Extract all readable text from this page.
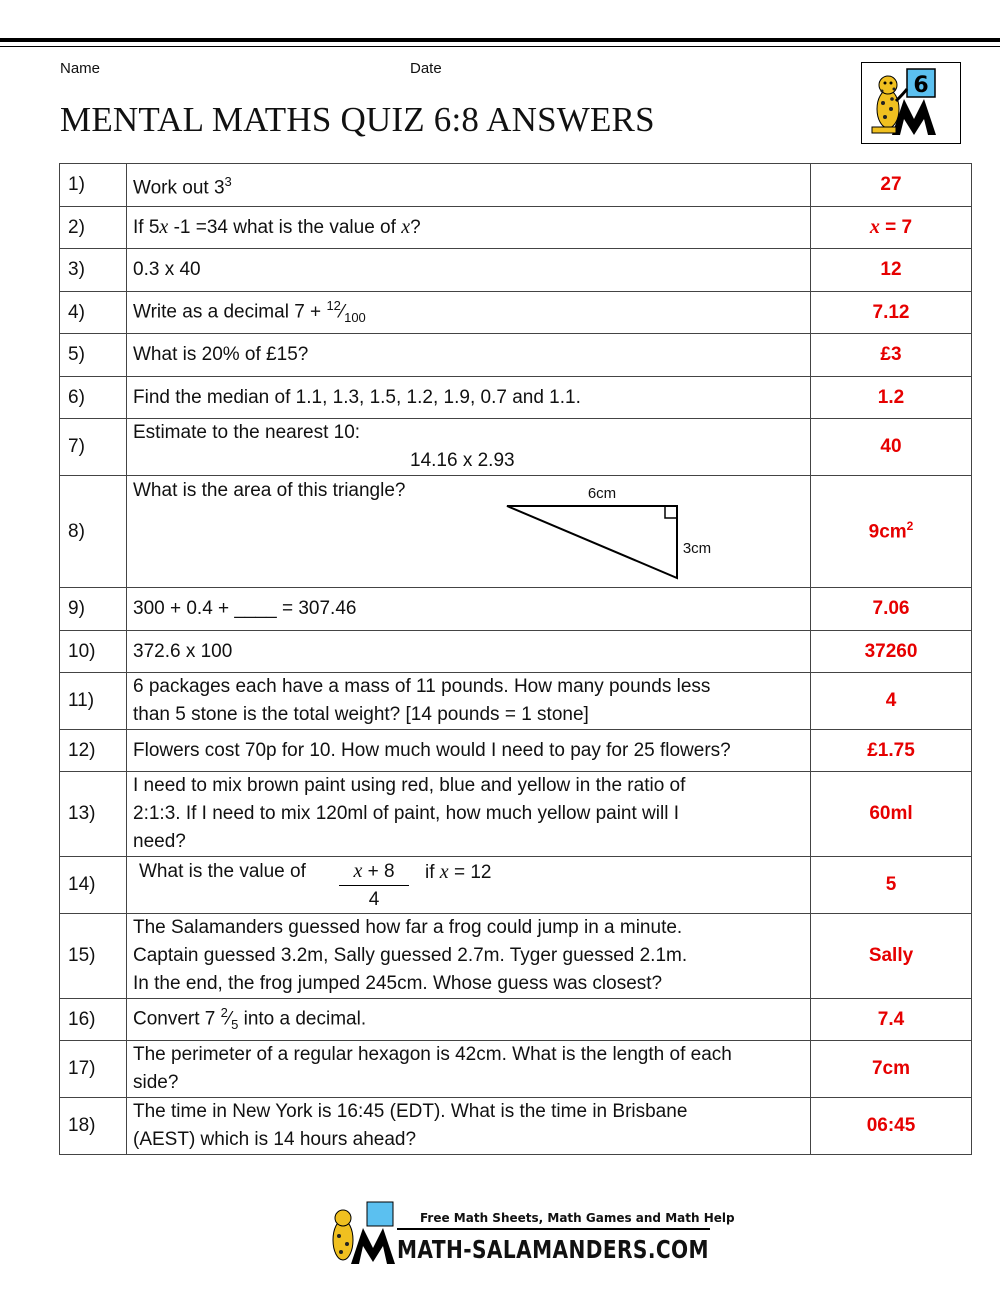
Name	Date
MENTAL MATHS QUIZ 6:8 ANSWERS
6
1)	Work out $3^3$	27
2)	If 5x -1 =34 what is the value of x?	x = 7
3)	0.3 x 40	12
4)	Write as a decimal $7 + ^{12}⁄_{100}$	7.12
5)	What is 20% of £15?	£3
6)	Find the median of 1.1, 1.3, 1.5, 1.2, 1.9, 0.7 and 1.1.	1.2
7)	Estimate to the nearest 10:
14.16 x 2.93	40
8)	What is the area of this triangle? 6cm
3cm	$9cm^2$
9)	300 + 0.4 + ____ = 307.46	7.06
10)	372.6 x 100	37260
11)	6 packages each have a mass of 11 pounds. How many pounds less
than 5 stone is the total weight? [14 pounds = 1 stone]	4
12)	Flowers cost 70p for 10. How much would I need to pay for 25 flowers?	£1.75
13)	I need to mix brown paint using red, blue and yellow in the ratio of
2:1:3. If I need to mix 120ml of paint, how much yellow paint will I
need?	60ml
14)	What is the value of x + 8
4
if x = 12	5
15)	The Salamanders guessed how far a frog could jump in a minute.
Captain guessed 3.2m, Sally guessed 2.7m. Tyger guessed 2.1m.
In the end, the frog jumped 245cm. Whose guess was closest?	Sally
16)	Convert 7 $^2⁄_5$ into a decimal.	7.4
17)	The perimeter of a regular hexagon is 42cm. What is the length of each
side?	7cm
18)	The time in New York is 16:45 (EDT). What is the time in Brisbane
(AEST) which is 14 hours ahead?	06:45
Free Math Sheets, Math Games and Math Help
MATH-SALAMANDERS.COM
